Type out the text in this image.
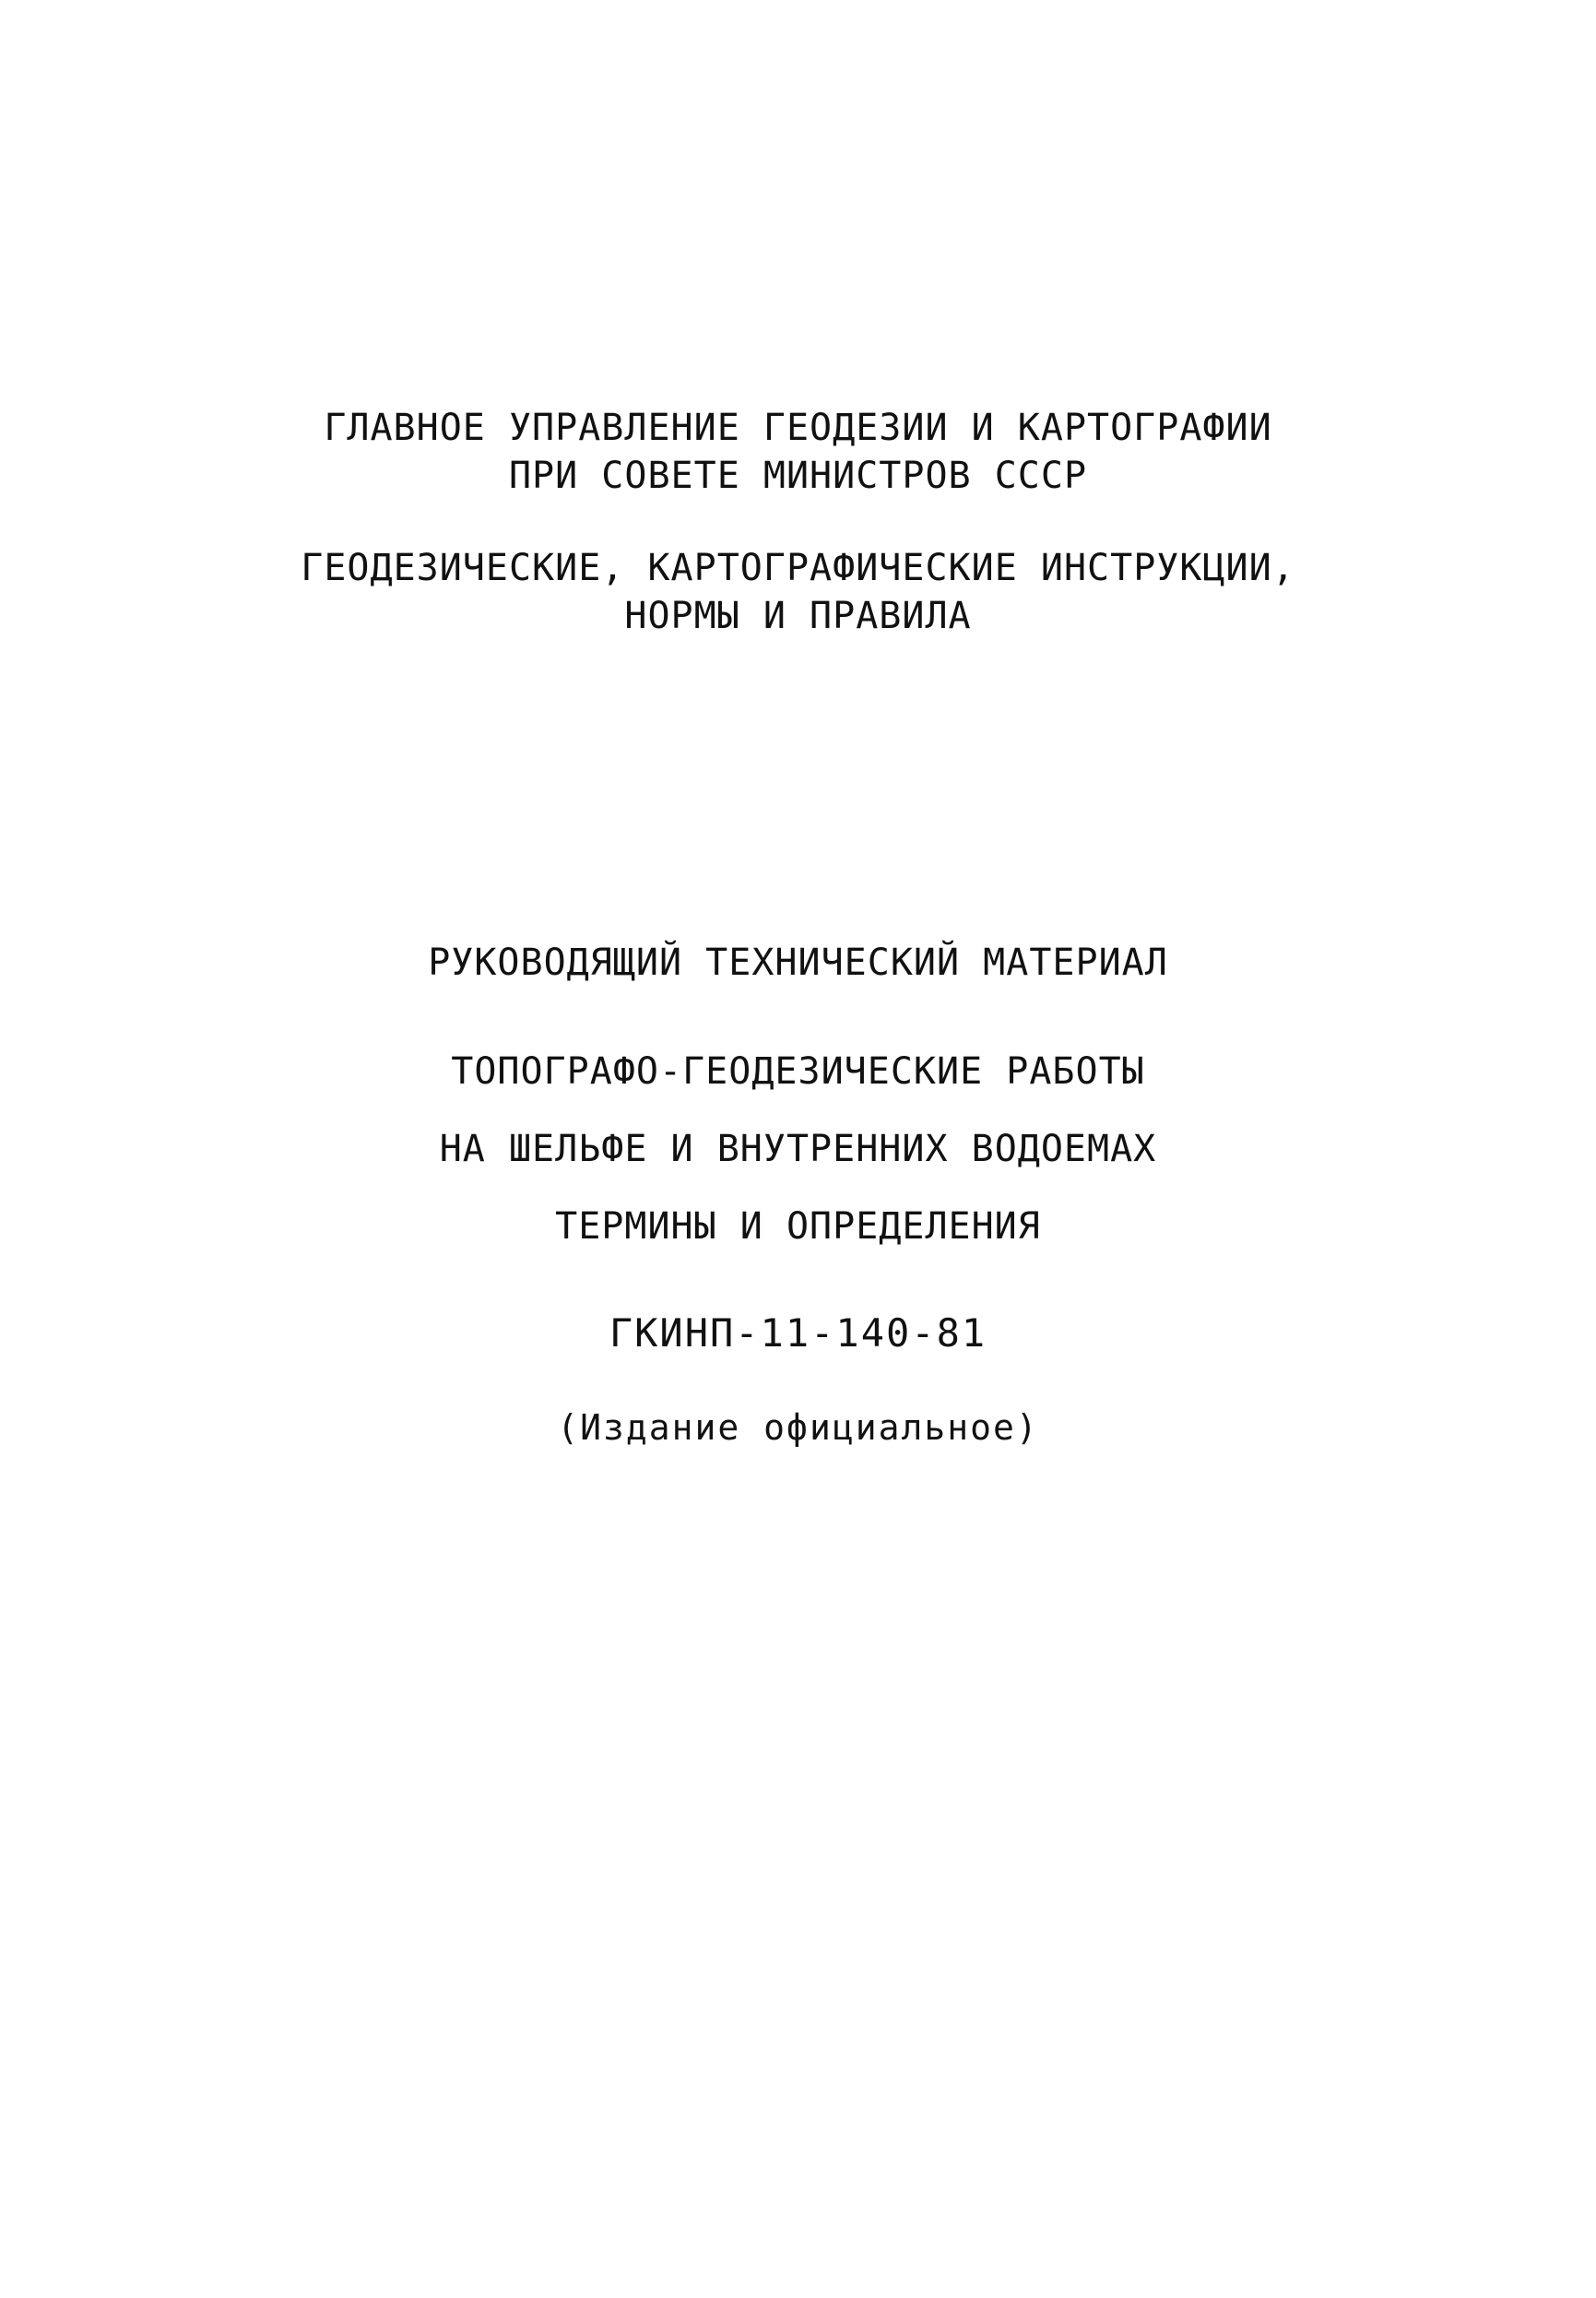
ГЛАВНОЕ УПРАВЛЕНИЕ ГЕОДЕЗИИ И КАРТОГРАФИИ
ПРИ СОВЕТЕ МИНИСТРОВ СССР
ГЕОДЕЗИЧЕСКИЕ, КАРТОГРАФИЧЕСКИЕ ИНСТРУКЦИИ,
НОРМЫ И ПРАВИЛА
РУКОВОДЯЩИЙ ТЕХНИЧЕСКИЙ МАТЕРИАЛ
ТОПОГРАФО-ГЕОДЕЗИЧЕСКИЕ РАБОТЫ
НА ШЕЛЬФЕ И ВНУТРЕННИХ ВОДОЕМАХ
ТЕРМИНЫ И ОПРЕДЕЛЕНИЯ
ГКИНП-11-140-81
(Издание официальное)
